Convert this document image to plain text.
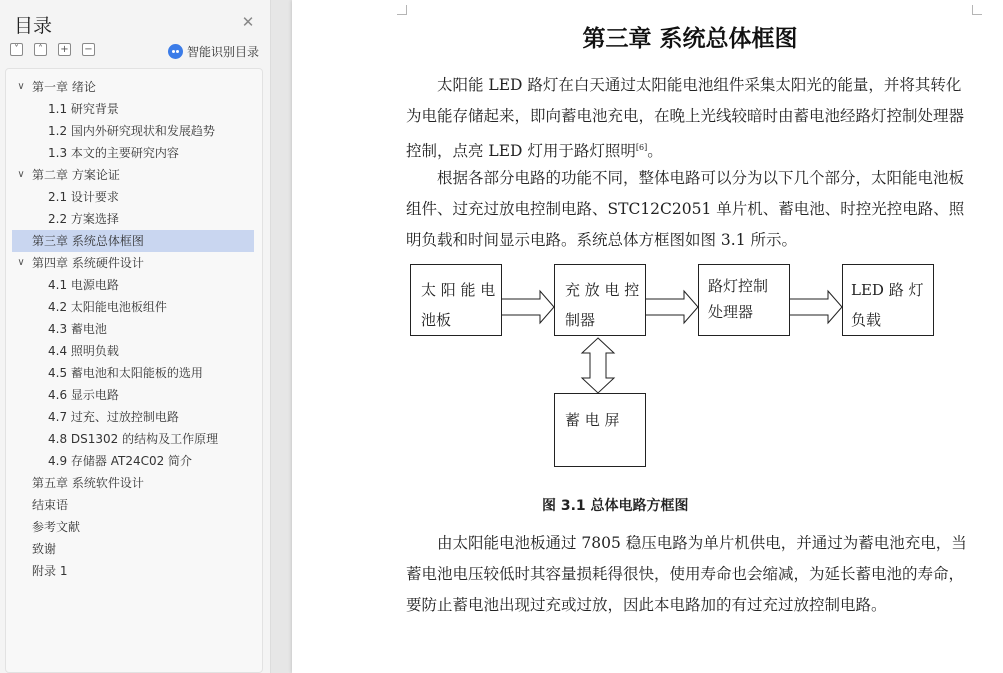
目录	✕
˅	˄	+ −	智能识别目录
∨ 第一章 绪论
1.1 研究背景
1.2 国内外研究现状和发展趋势
1.3 本文的主要研究内容
∨ 第二章 方案论证
2.1 设计要求
2.2 方案选择
第三章 系统总体框图
∨ 第四章 系统硬件设计
4.1 电源电路
4.2 太阳能电池板组件
4.3 蓄电池
4.4 照明负载
4.5 蓄电池和太阳能板的选用
4.6 显示电路
4.7 过充、过放控制电路
4.8 DS1302 的结构及工作原理
4.9 存储器 AT24C02 简介
第五章 系统软件设计
结束语
参考文献
致谢
附录 1
第三章 系统总体框图
太阳能 LED 路灯在白天通过太阳能电池组件采集太阳光的能量，并将其转化为电能存储起来，即向蓄电池充电，在晚上光线较暗时由蓄电池经路灯控制处理器控制，点亮 LED 灯用于路灯照明[6]。
根据各部分电路的功能不同，整体电路可以分为以下几个部分，太阳能电池板组件、过充过放电控制电路、STC12C2051 单片机、蓄电池、时控光控电路、照明负载和时间显示电路。系统总体方框图如图 3.1 所示。
太 阳 能 电
池板
充 放 电 控
制器
路灯控制
处理器
LED 路 灯
负载
蓄 电 屏
图 3.1 总体电路方框图
由太阳能电池板通过 7805 稳压电路为单片机供电，并通过为蓄电池充电，当蓄电池电压较低时其容量损耗得很快，使用寿命也会缩减，为延长蓄电池的寿命，要防止蓄电池出现过充或过放，因此本电路加的有过充过放控制电路。
